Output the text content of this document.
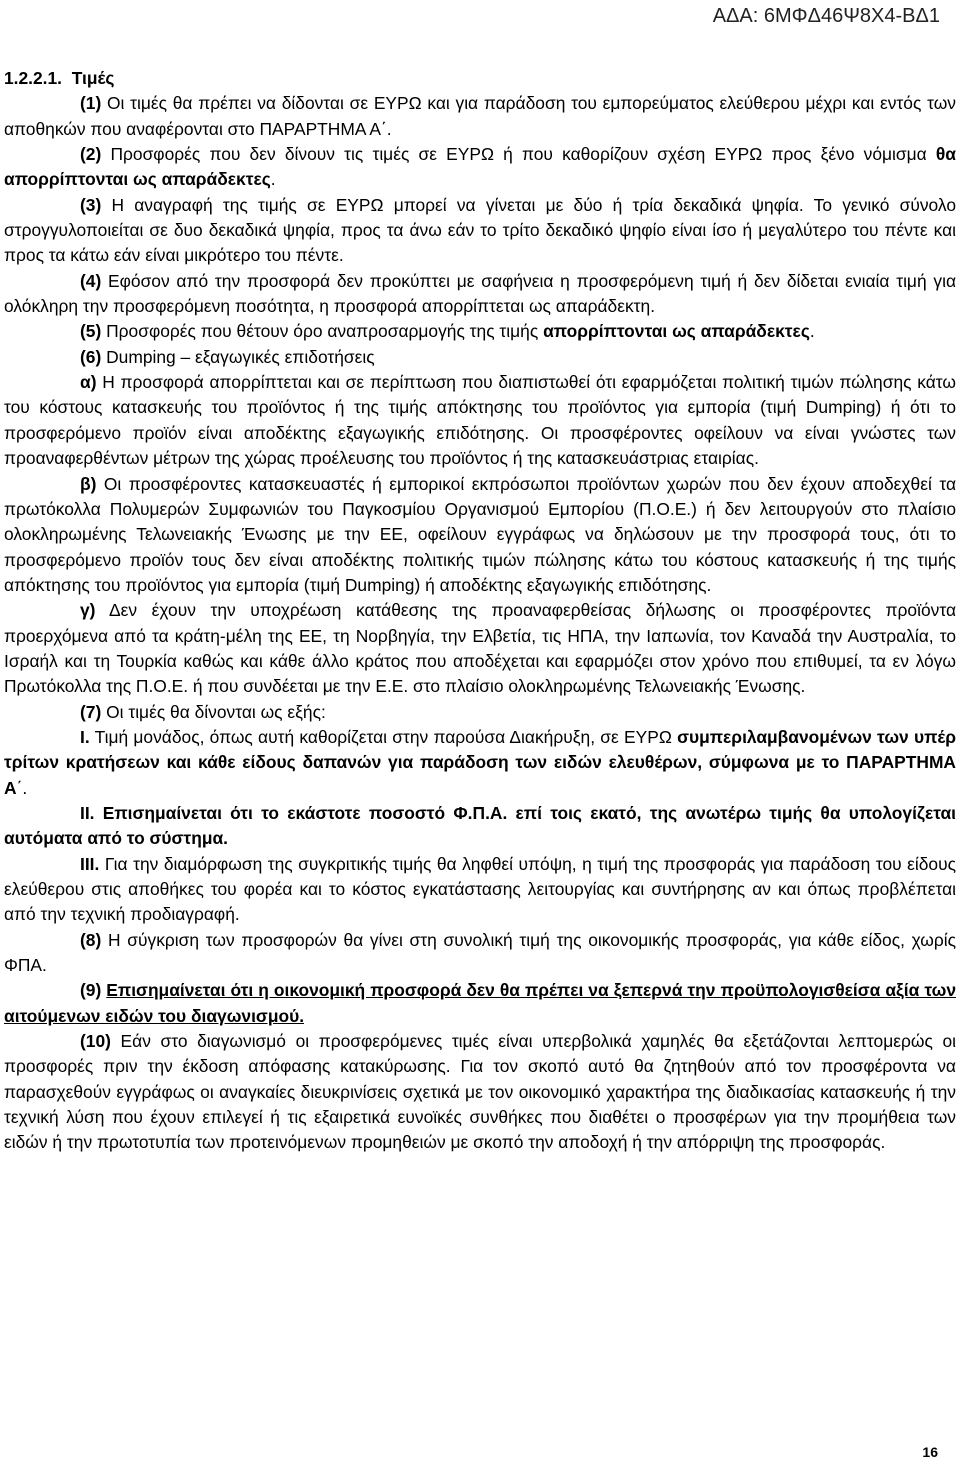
ΑΔΑ: 6ΜΦΔ46Ψ8Χ4-ΒΔ1

1.2.2.1. Τιμές

(1) Οι τιμές θα πρέπει να δίδονται σε ΕΥΡΩ και για παράδοση του εμπορεύματος ελεύθερου μέχρι και εντός των αποθηκών που αναφέρονται στο ΠΑΡΑΡΤΗΜΑ Α΄.

(2) Προσφορές που δεν δίνουν τις τιμές σε ΕΥΡΩ ή που καθορίζουν σχέση ΕΥΡΩ προς ξένο νόμισμα θα απορρίπτονται ως απαράδεκτες.

(3) Η αναγραφή της τιμής σε ΕΥΡΩ μπορεί να γίνεται με δύο ή τρία δεκαδικά ψηφία. Το γενικό σύνολο στρογγυλοποιείται σε δυο δεκαδικά ψηφία, προς τα άνω εάν το τρίτο δεκαδικό ψηφίο είναι ίσο ή μεγαλύτερο του πέντε και προς τα κάτω εάν είναι μικρότερο του πέντε.

(4) Εφόσον από την προσφορά δεν προκύπτει με σαφήνεια η προσφερόμενη τιμή ή δεν δίδεται ενιαία τιμή για ολόκληρη την προσφερόμενη ποσότητα, η προσφορά απορρίπτεται ως απαράδεκτη.

(5) Προσφορές που θέτουν όρο αναπροσαρμογής της τιμής απορρίπτονται ως απαράδεκτες.

(6) Dumping – εξαγωγικές επιδοτήσεις

α) Η προσφορά απορρίπτεται και σε περίπτωση που διαπιστωθεί ότι εφαρμόζεται πολιτική τιμών πώλησης κάτω του κόστους κατασκευής του προϊόντος ή της τιμής απόκτησης του προϊόντος για εμπορία (τιμή Dumping) ή ότι το προσφερόμενο προϊόν είναι αποδέκτης εξαγωγικής επιδότησης. Οι προσφέροντες οφείλουν να είναι γνώστες των προαναφερθέντων μέτρων της χώρας προέλευσης του προϊόντος ή της κατασκευάστριας εταιρίας.

β) Οι προσφέροντες κατασκευαστές ή εμπορικοί εκπρόσωποι προϊόντων χωρών που δεν έχουν αποδεχθεί τα πρωτόκολλα Πολυμερών Συμφωνιών του Παγκοσμίου Οργανισμού Εμπορίου (Π.Ο.Ε.) ή δεν λειτουργούν στο πλαίσιο ολοκληρωμένης Τελωνειακής Ένωσης με την ΕΕ, οφείλουν εγγράφως να δηλώσουν με την προσφορά τους, ότι το προσφερόμενο προϊόν τους δεν είναι αποδέκτης πολιτικής τιμών πώλησης κάτω του κόστους κατασκευής ή της τιμής απόκτησης του προϊόντος για εμπορία (τιμή Dumping) ή αποδέκτης εξαγωγικής επιδότησης.

γ) Δεν έχουν την υποχρέωση κατάθεσης της προαναφερθείσας δήλωσης οι προσφέροντες προϊόντα προερχόμενα από τα κράτη-μέλη της ΕΕ, τη Νορβηγία, την Ελβετία, τις ΗΠΑ, την Ιαπωνία, τον Καναδά την Αυστραλία, το Ισραήλ και τη Τουρκία καθώς και κάθε άλλο κράτος που αποδέχεται και εφαρμόζει στον χρόνο που επιθυμεί, τα εν λόγω Πρωτόκολλα της Π.Ο.Ε. ή που συνδέεται με την Ε.Ε. στο πλαίσιο ολοκληρωμένης Τελωνειακής Ένωσης.

(7) Οι τιμές θα δίνονται ως εξής:

Ι. Τιμή μονάδος, όπως αυτή καθορίζεται στην παρούσα Διακήρυξη, σε ΕΥΡΩ συμπεριλαμβανομένων των υπέρ τρίτων κρατήσεων και κάθε είδους δαπανών για παράδοση των ειδών ελευθέρων, σύμφωνα με το ΠΑΡΑΡΤΗΜΑ Α΄.

ΙΙ. Επισημαίνεται ότι το εκάστοτε ποσοστό Φ.Π.Α. επί τοις εκατό, της ανωτέρω τιμής θα υπολογίζεται αυτόματα από το σύστημα.

ΙΙΙ. Για την διαμόρφωση της συγκριτικής τιμής θα ληφθεί υπόψη, η τιμή της προσφοράς για παράδοση του είδους ελεύθερου στις αποθήκες του φορέα και το κόστος εγκατάστασης λειτουργίας και συντήρησης αν και όπως προβλέπεται από την τεχνική προδιαγραφή.

(8) Η σύγκριση των προσφορών θα γίνει στη συνολική τιμή της οικονομικής προσφοράς, για κάθε είδος, χωρίς ΦΠΑ.

(9) Επισημαίνεται ότι η οικονομική προσφορά δεν θα πρέπει να ξεπερνά την προϋπολογισθείσα αξία των αιτούμενων ειδών του διαγωνισμού.

(10) Εάν στο διαγωνισμό οι προσφερόμενες τιμές είναι υπερβολικά χαμηλές θα εξετάζονται λεπτομερώς οι προσφορές πριν την έκδοση απόφασης κατακύρωσης. Για τον σκοπό αυτό θα ζητηθούν από τον προσφέροντα να παρασχεθούν εγγράφως οι αναγκαίες διευκρινίσεις σχετικά με τον οικονομικό χαρακτήρα της διαδικασίας κατασκευής ή την τεχνική λύση που έχουν επιλεγεί ή τις εξαιρετικά ευνοϊκές συνθήκες που διαθέτει ο προσφέρων για την προμήθεια των ειδών ή την πρωτοτυπία των προτεινόμενων προμηθειών με σκοπό την αποδοχή ή την απόρριψη της προσφοράς.

16
